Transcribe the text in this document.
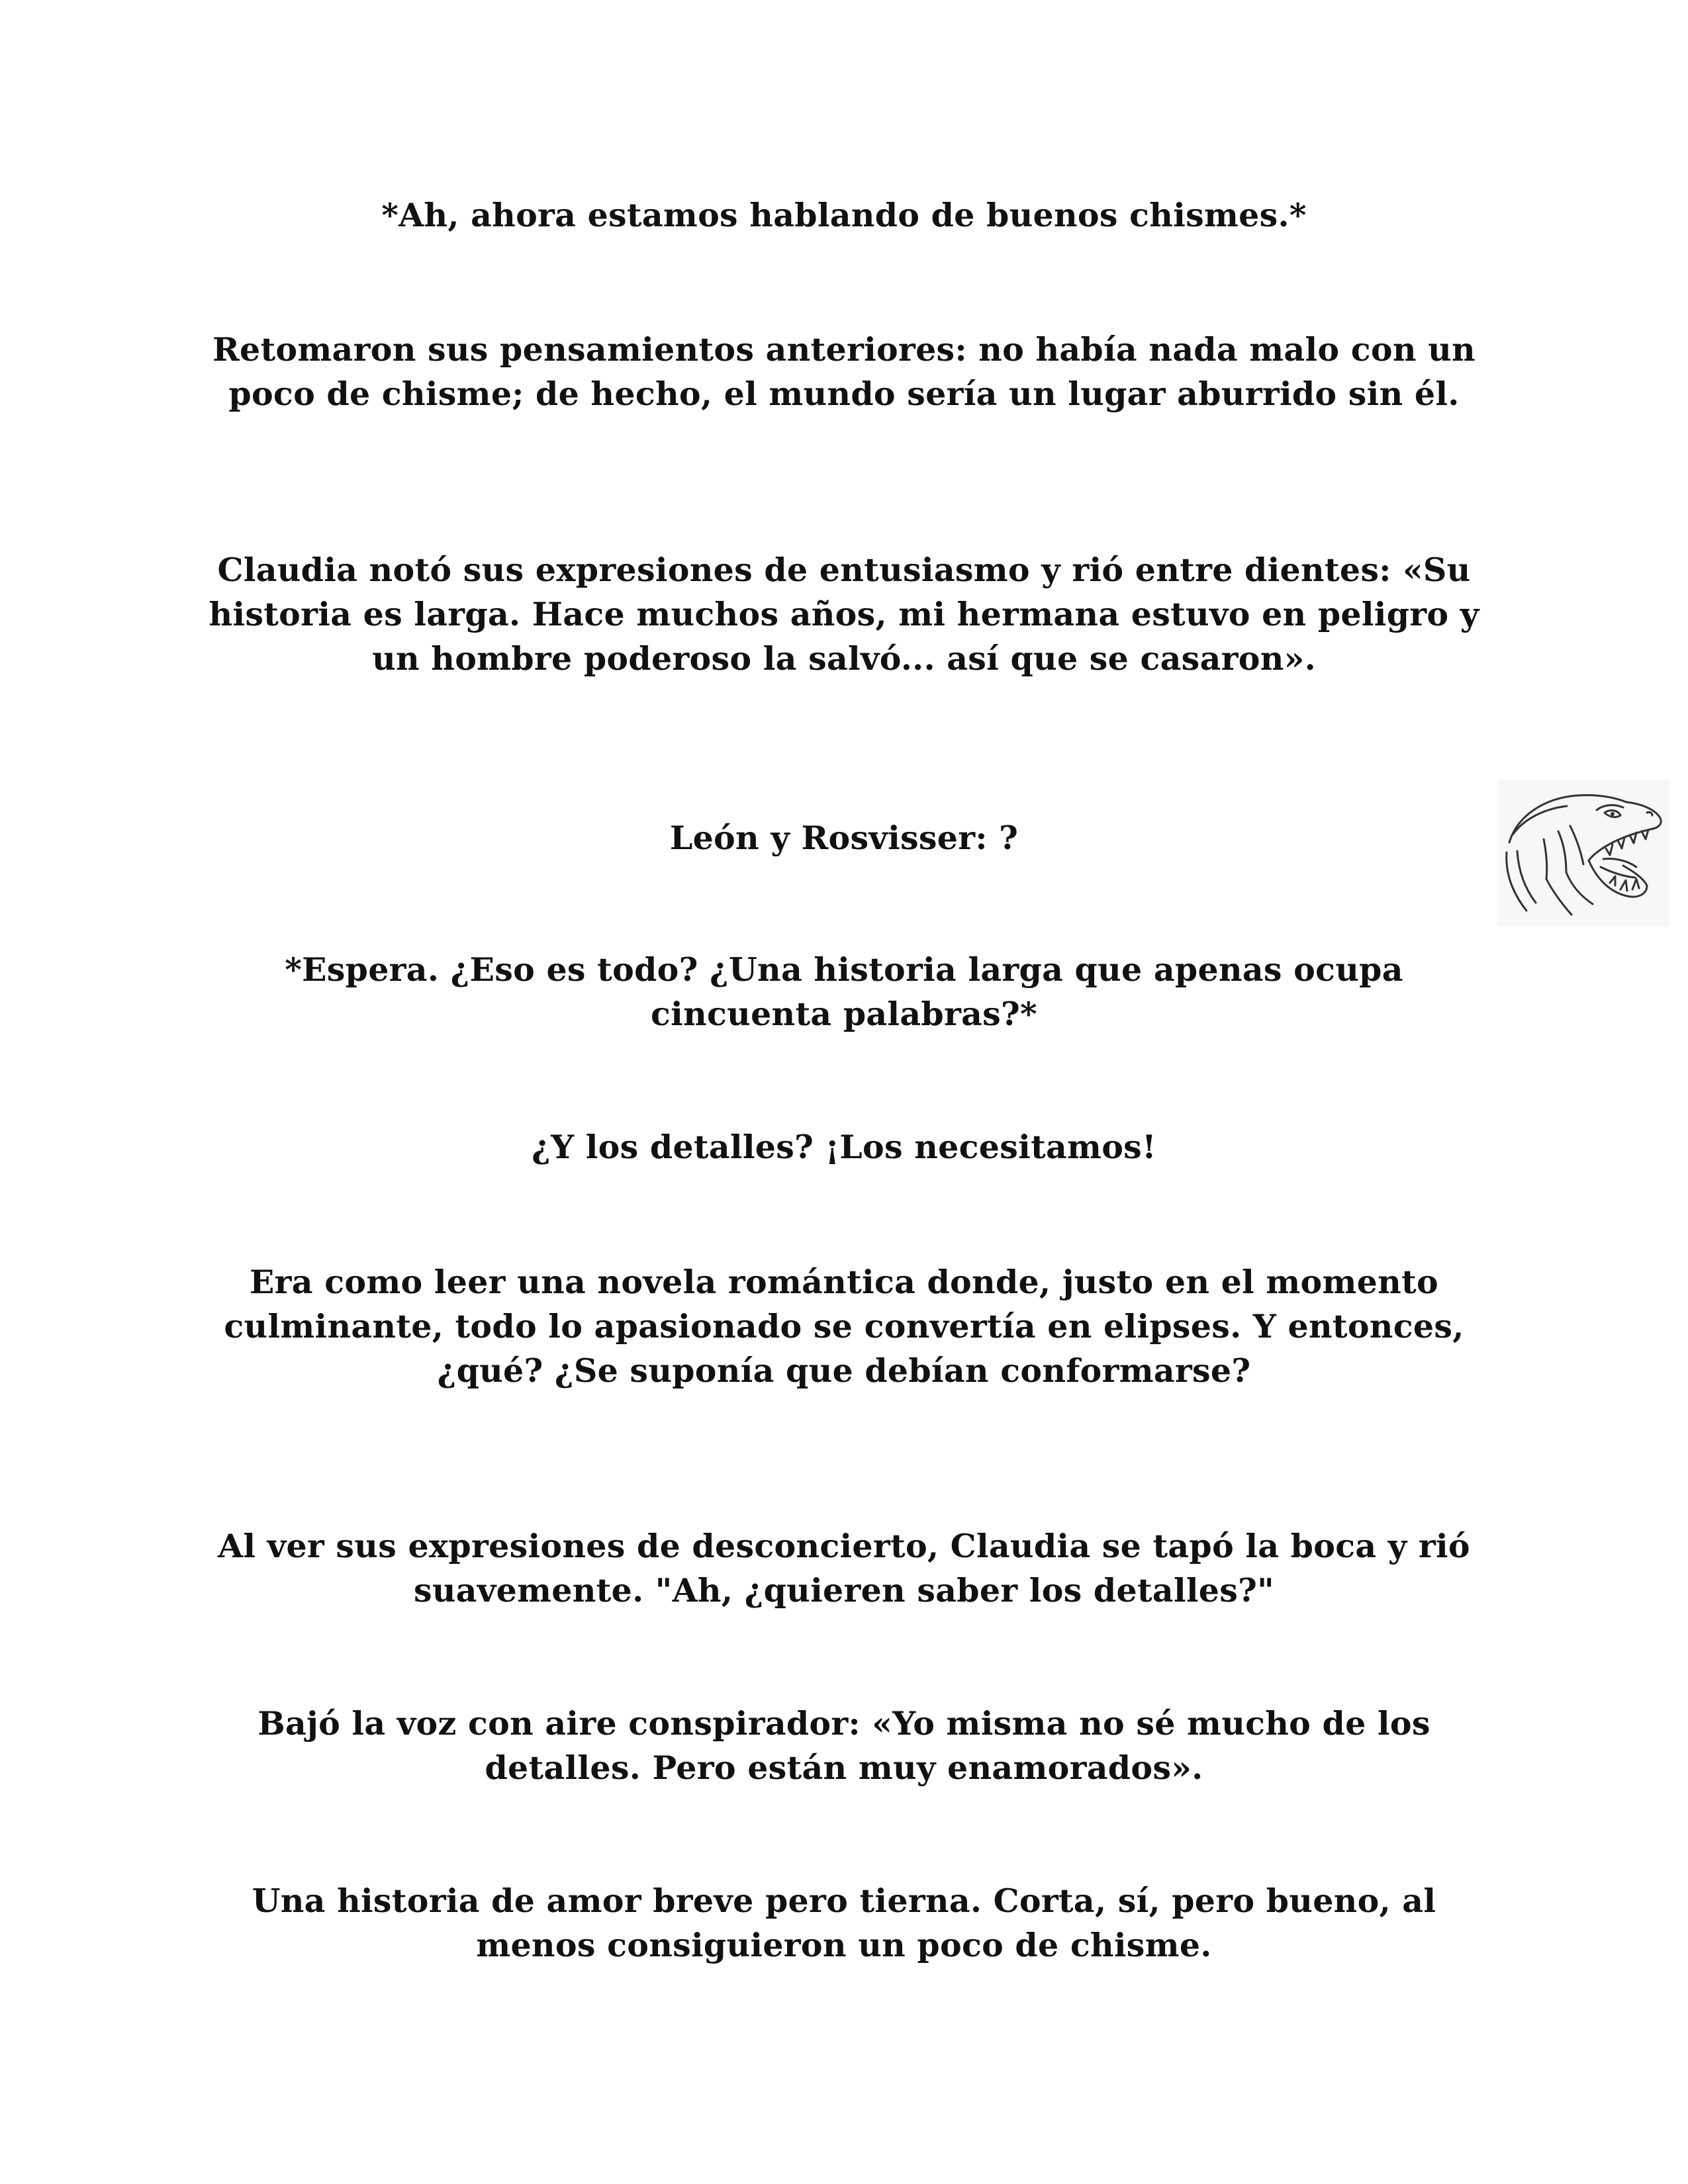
*Ah, ahora estamos hablando de buenos chismes.*

Retomaron sus pensamientos anteriores: no había nada malo con un poco de chisme; de hecho, el mundo sería un lugar aburrido sin él.

Claudia notó sus expresiones de entusiasmo y rió entre dientes: «Su historia es larga. Hace muchos años, mi hermana estuvo en peligro y un hombre poderoso la salvó... así que se casaron».

León y Rosvisser: ?

*Espera. ¿Eso es todo? ¿Una historia larga que apenas ocupa cincuenta palabras?*

¿Y los detalles? ¡Los necesitamos!

Era como leer una novela romántica donde, justo en el momento culminante, todo lo apasionado se convertía en elipses. Y entonces, ¿qué? ¿Se suponía que debían conformarse?

Al ver sus expresiones de desconcierto, Claudia se tapó la boca y rió suavemente. "Ah, ¿quieren saber los detalles?"

Bajó la voz con aire conspirador: «Yo misma no sé mucho de los detalles. Pero están muy enamorados».

Una historia de amor breve pero tierna. Corta, sí, pero bueno, al menos consiguieron un poco de chisme.
